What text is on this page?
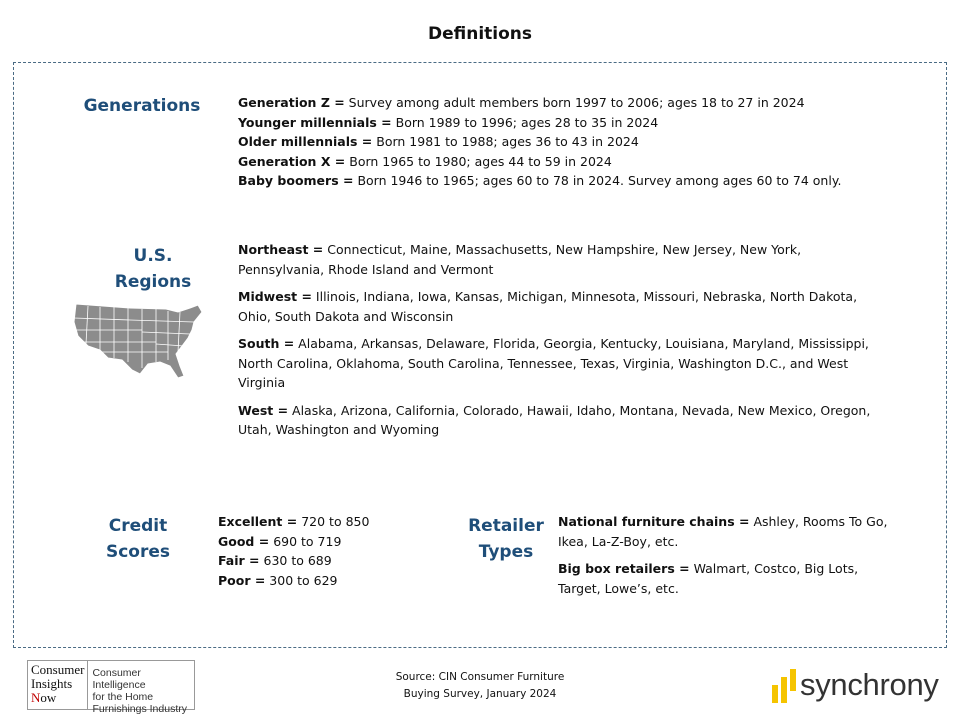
Definitions
Generations	Generation Z = Survey among adult members born 1997 to 2006; ages 18 to 27 in 2024
Younger millennials = Born 1989 to 1996; ages 28 to 35 in 2024
Older millennials = Born 1981 to 1988; ages 36 to 43 in 2024
Generation X = Born 1965 to 1980; ages 44 to 59 in 2024
Baby boomers = Born 1946 to 1965; ages 60 to 78 in 2024. Survey among ages 60 to 74 only.
U.S.
Regions
Northeast = Connecticut, Maine, Massachusetts, New Hampshire, New Jersey, New York, Pennsylvania, Rhode Island and Vermont
Midwest = Illinois, Indiana, Iowa, Kansas, Michigan, Minnesota, Missouri, Nebraska, North Dakota, Ohio, South Dakota and Wisconsin
South = Alabama, Arkansas, Delaware, Florida, Georgia, Kentucky, Louisiana, Maryland, Mississippi, North Carolina, Oklahoma, South Carolina, Tennessee, Texas, Virginia, Washington D.C., and West Virginia
West = Alaska, Arizona, California, Colorado, Hawaii, Idaho, Montana, Nevada, New Mexico, Oregon, Utah, Washington and Wyoming
Credit
Scores
Excellent = 720 to 850
Good = 690 to 719
Fair = 630 to 689
Poor = 300 to 629
Retailer
Types
National furniture chains = Ashley, Rooms To Go, Ikea, La-Z-Boy, etc.
Big box retailers = Walmart, Costco, Big Lots, Target, Lowe’s, etc.
Consumer
Insights
Now
Consumer Intelligence
for the Home
Furnishings Industry
Source: CIN Consumer Furniture
Buying Survey, January 2024	synchrony
